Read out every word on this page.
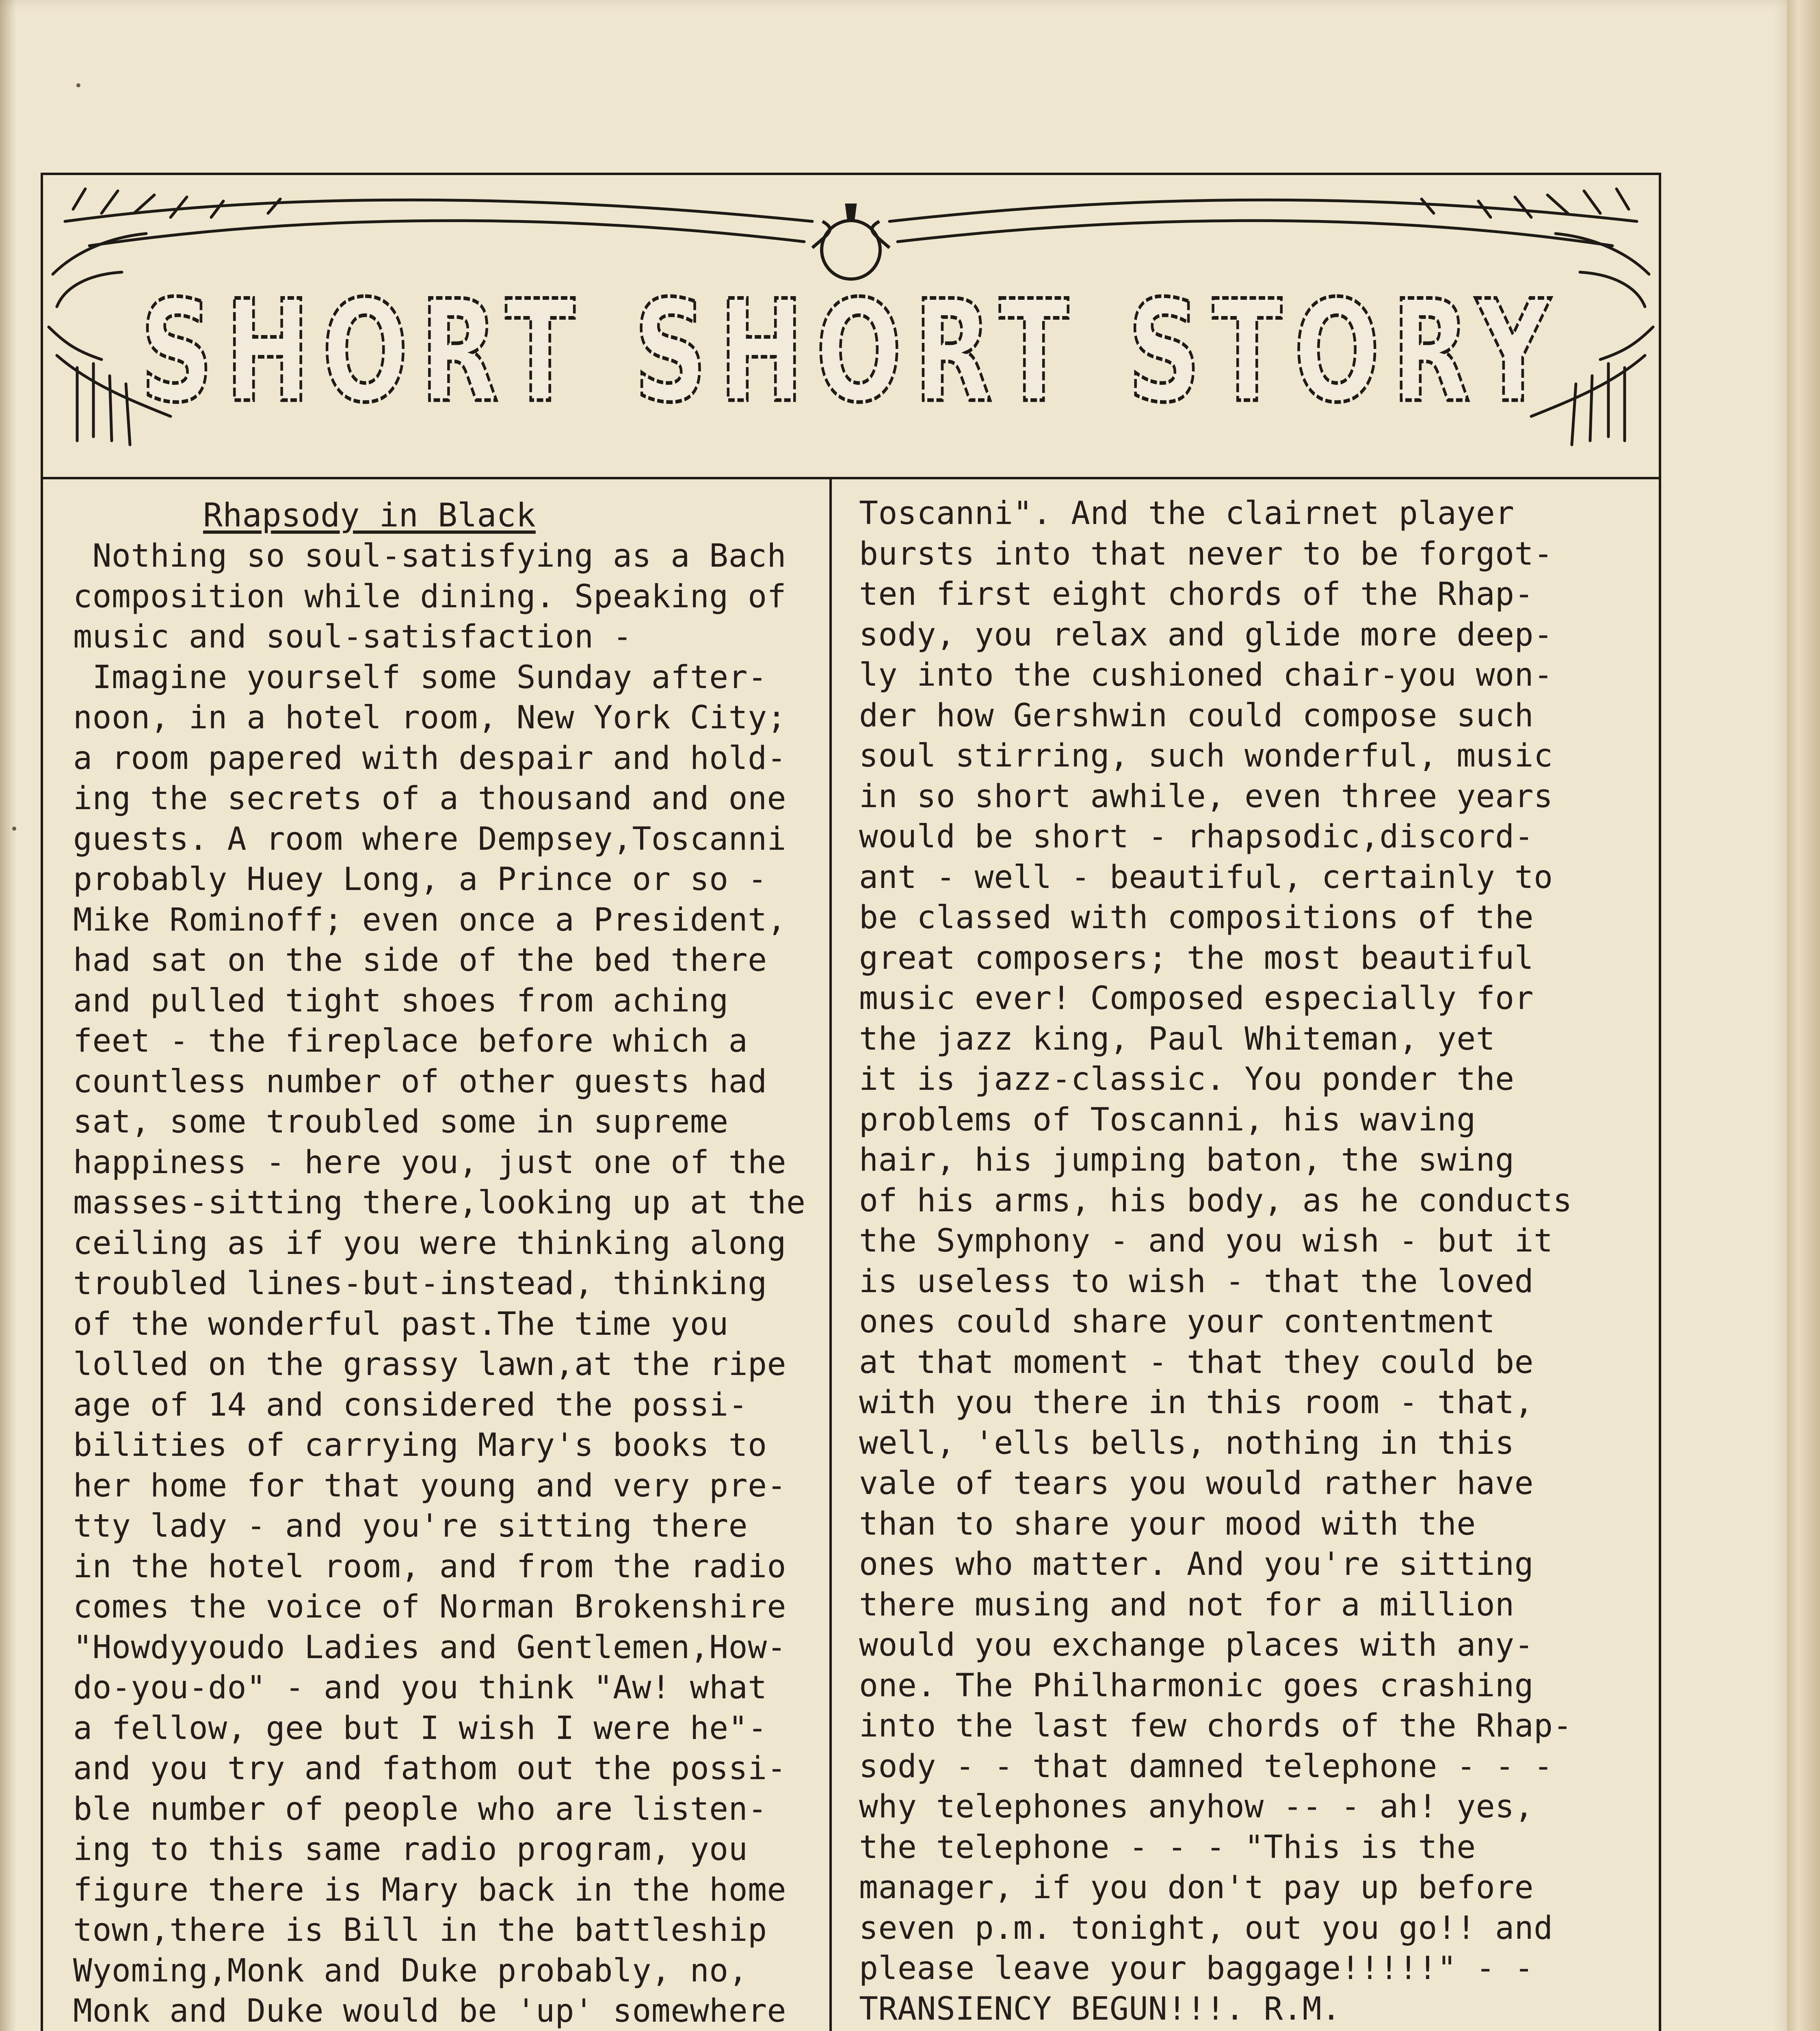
SHORT SHORT STORY
Rhapsody in Black
Nothing so soul-satisfying as a Bach
composition while dining. Speaking of
music and soul-satisfaction -
Imagine yourself some Sunday after-
noon, in a hotel room, New York City;
a room papered with despair and hold-
ing the secrets of a thousand and one
guests. A room where Dempsey,Toscanni
probably Huey Long, a Prince or so -
Mike Rominoff; even once a President,
had sat on the side of the bed there
and pulled tight shoes from aching
feet - the fireplace before which a
countless number of other guests had
sat, some troubled some in supreme
happiness - here you, just one of the
masses-sitting there,looking up at the
ceiling as if you were thinking along
troubled lines-but-instead, thinking
of the wonderful past.The time you
lolled on the grassy lawn,at the ripe
age of 14 and considered the possi-
bilities of carrying Mary's books to
her home for that young and very pre-
tty lady - and you're sitting there
in the hotel room, and from the radio
comes the voice of Norman Brokenshire
"Howdyyoudo Ladies and Gentlemen,How-
do-you-do" - and you think "Aw! what
a fellow, gee but I wish I were he"-
and you try and fathom out the possi-
ble number of people who are listen-
ing to this same radio program, you
figure there is Mary back in the home
town,there is Bill in the battleship
Wyoming,Monk and Duke probably, no,
Monk and Duke would be 'up' somewhere
Toscanni". And the clairnet player
bursts into that never to be forgot-
ten first eight chords of the Rhap-
sody, you relax and glide more deep-
ly into the cushioned chair-you won-
der how Gershwin could compose such
soul stirring, such wonderful, music
in so short awhile, even three years
would be short - rhapsodic,discord-
ant - well - beautiful, certainly to
be classed with compositions of the
great composers; the most beautiful
music ever! Composed especially for
the jazz king, Paul Whiteman, yet
it is jazz-classic. You ponder the
problems of Toscanni, his waving
hair, his jumping baton, the swing
of his arms, his body, as he conducts
the Symphony - and you wish - but it
is useless to wish - that the loved
ones could share your contentment
at that moment - that they could be
with you there in this room - that,
well, 'ells bells, nothing in this
vale of tears you would rather have
than to share your mood with the
ones who matter. And you're sitting
there musing and not for a million
would you exchange places with any-
one. The Philharmonic goes crashing
into the last few chords of the Rhap-
sody - - that damned telephone - - -
why telephones anyhow -- - ah! yes,
the telephone - - - "This is the
manager, if you don't pay up before
seven p.m. tonight, out you go!! and
please leave your baggage!!!!!" - -
TRANSIENCY BEGUN!!!. R.M.
